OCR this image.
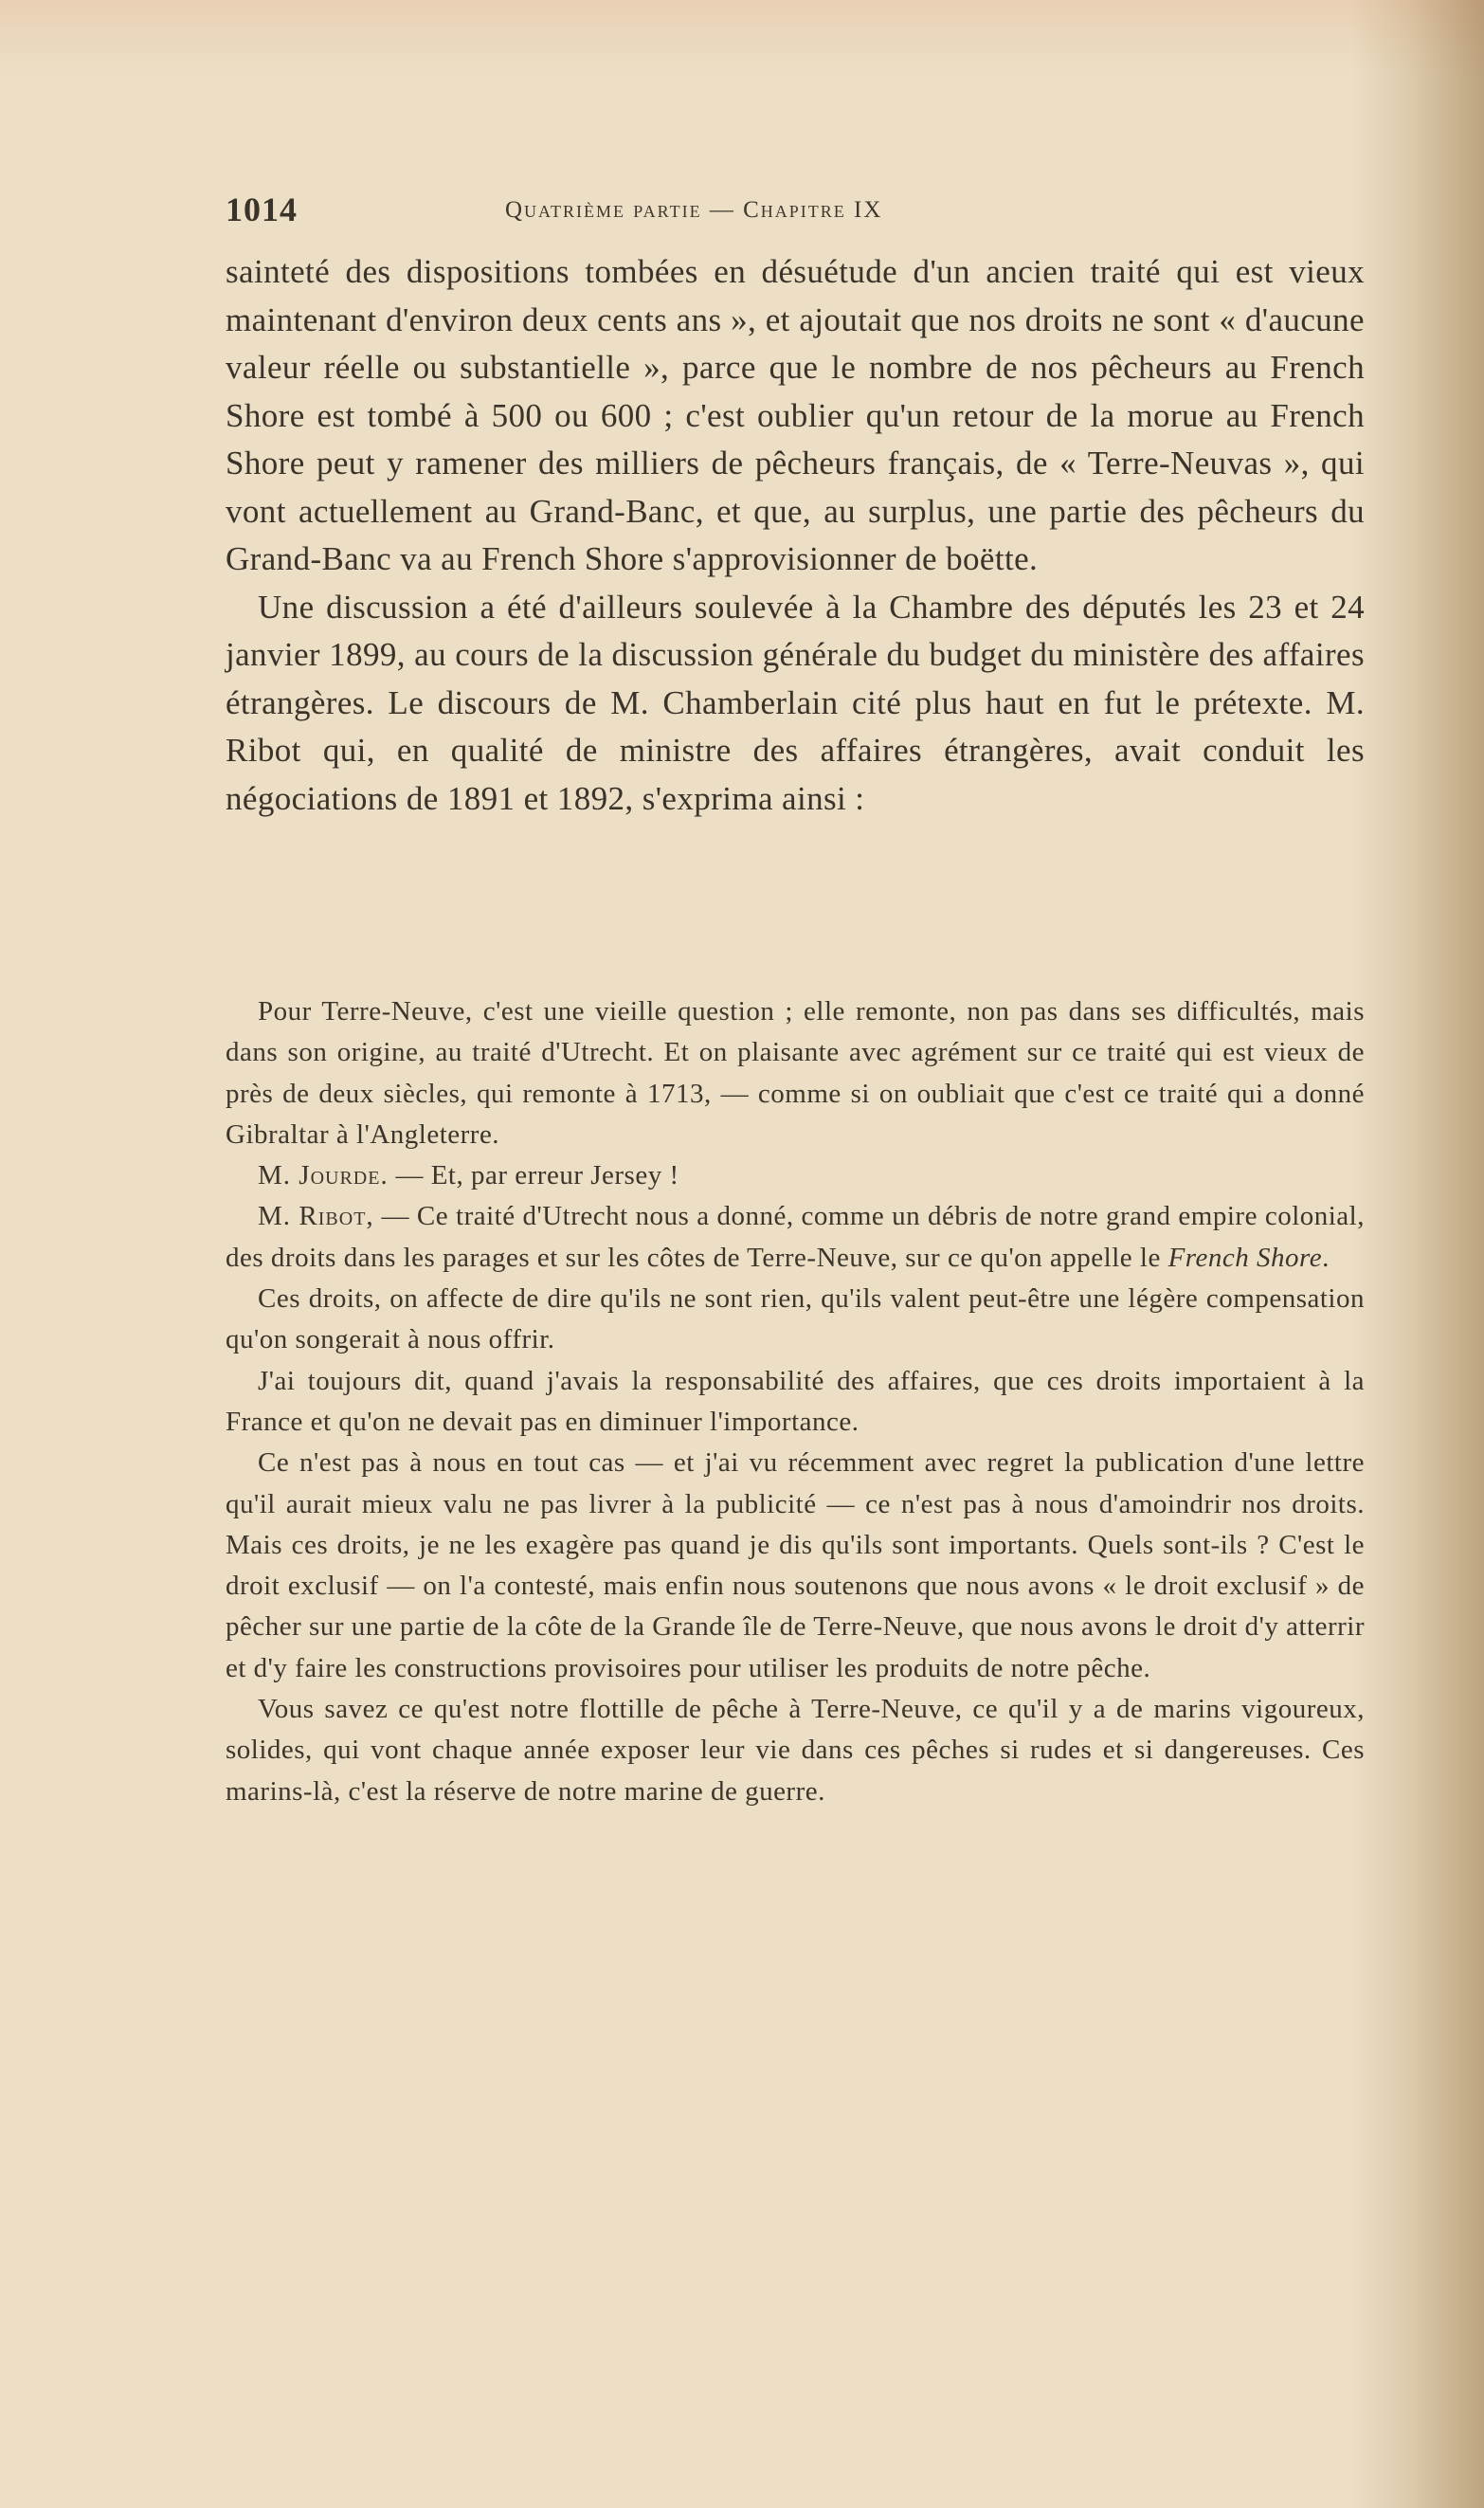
1014	Quatrième partie — Chapitre IX

sainteté des dispositions tombées en désuétude d'un ancien traité qui est vieux maintenant d'environ deux cents ans », et ajoutait que nos droits ne sont « d'aucune valeur réelle ou substantielle », parce que le nombre de nos pêcheurs au French Shore est tombé à 500 ou 600 ; c'est oublier qu'un retour de la morue au French Shore peut y ramener des milliers de pêcheurs français, de « Terre-Neuvas », qui vont actuellement au Grand-Banc, et que, au surplus, une partie des pêcheurs du Grand-Banc va au French Shore s'approvisionner de boëtte.

Une discussion a été d'ailleurs soulevée à la Chambre des députés les 23 et 24 janvier 1899, au cours de la discussion générale du budget du ministère des affaires étrangères. Le discours de M. Chamberlain cité plus haut en fut le prétexte. M. Ribot qui, en qualité de ministre des affaires étrangères, avait conduit les négociations de 1891 et 1892, s'exprima ainsi :

Pour Terre-Neuve, c'est une vieille question ; elle remonte, non pas dans ses difficultés, mais dans son origine, au traité d'Utrecht. Et on plaisante avec agrément sur ce traité qui est vieux de près de deux siècles, qui remonte à 1713, — comme si on oubliait que c'est ce traité qui a donné Gibraltar à l'Angleterre.

M. Jourde. — Et, par erreur Jersey !

M. Ribot, — Ce traité d'Utrecht nous a donné, comme un débris de notre grand empire colonial, des droits dans les parages et sur les côtes de Terre-Neuve, sur ce qu'on appelle le French Shore.

Ces droits, on affecte de dire qu'ils ne sont rien, qu'ils valent peut-être une légère compensation qu'on songerait à nous offrir.

J'ai toujours dit, quand j'avais la responsabilité des affaires, que ces droits importaient à la France et qu'on ne devait pas en diminuer l'importance.

Ce n'est pas à nous en tout cas — et j'ai vu récemment avec regret la publication d'une lettre qu'il aurait mieux valu ne pas livrer à la publicité — ce n'est pas à nous d'amoindrir nos droits. Mais ces droits, je ne les exagère pas quand je dis qu'ils sont importants. Quels sont-ils ? C'est le droit exclusif — on l'a contesté, mais enfin nous soutenons que nous avons « le droit exclusif » de pêcher sur une partie de la côte de la Grande île de Terre-Neuve, que nous avons le droit d'y atterrir et d'y faire les constructions provisoires pour utiliser les produits de notre pêche.

Vous savez ce qu'est notre flottille de pêche à Terre-Neuve, ce qu'il y a de marins vigoureux, solides, qui vont chaque année exposer leur vie dans ces pêches si rudes et si dangereuses. Ces marins-là, c'est la réserve de notre marine de guerre.
